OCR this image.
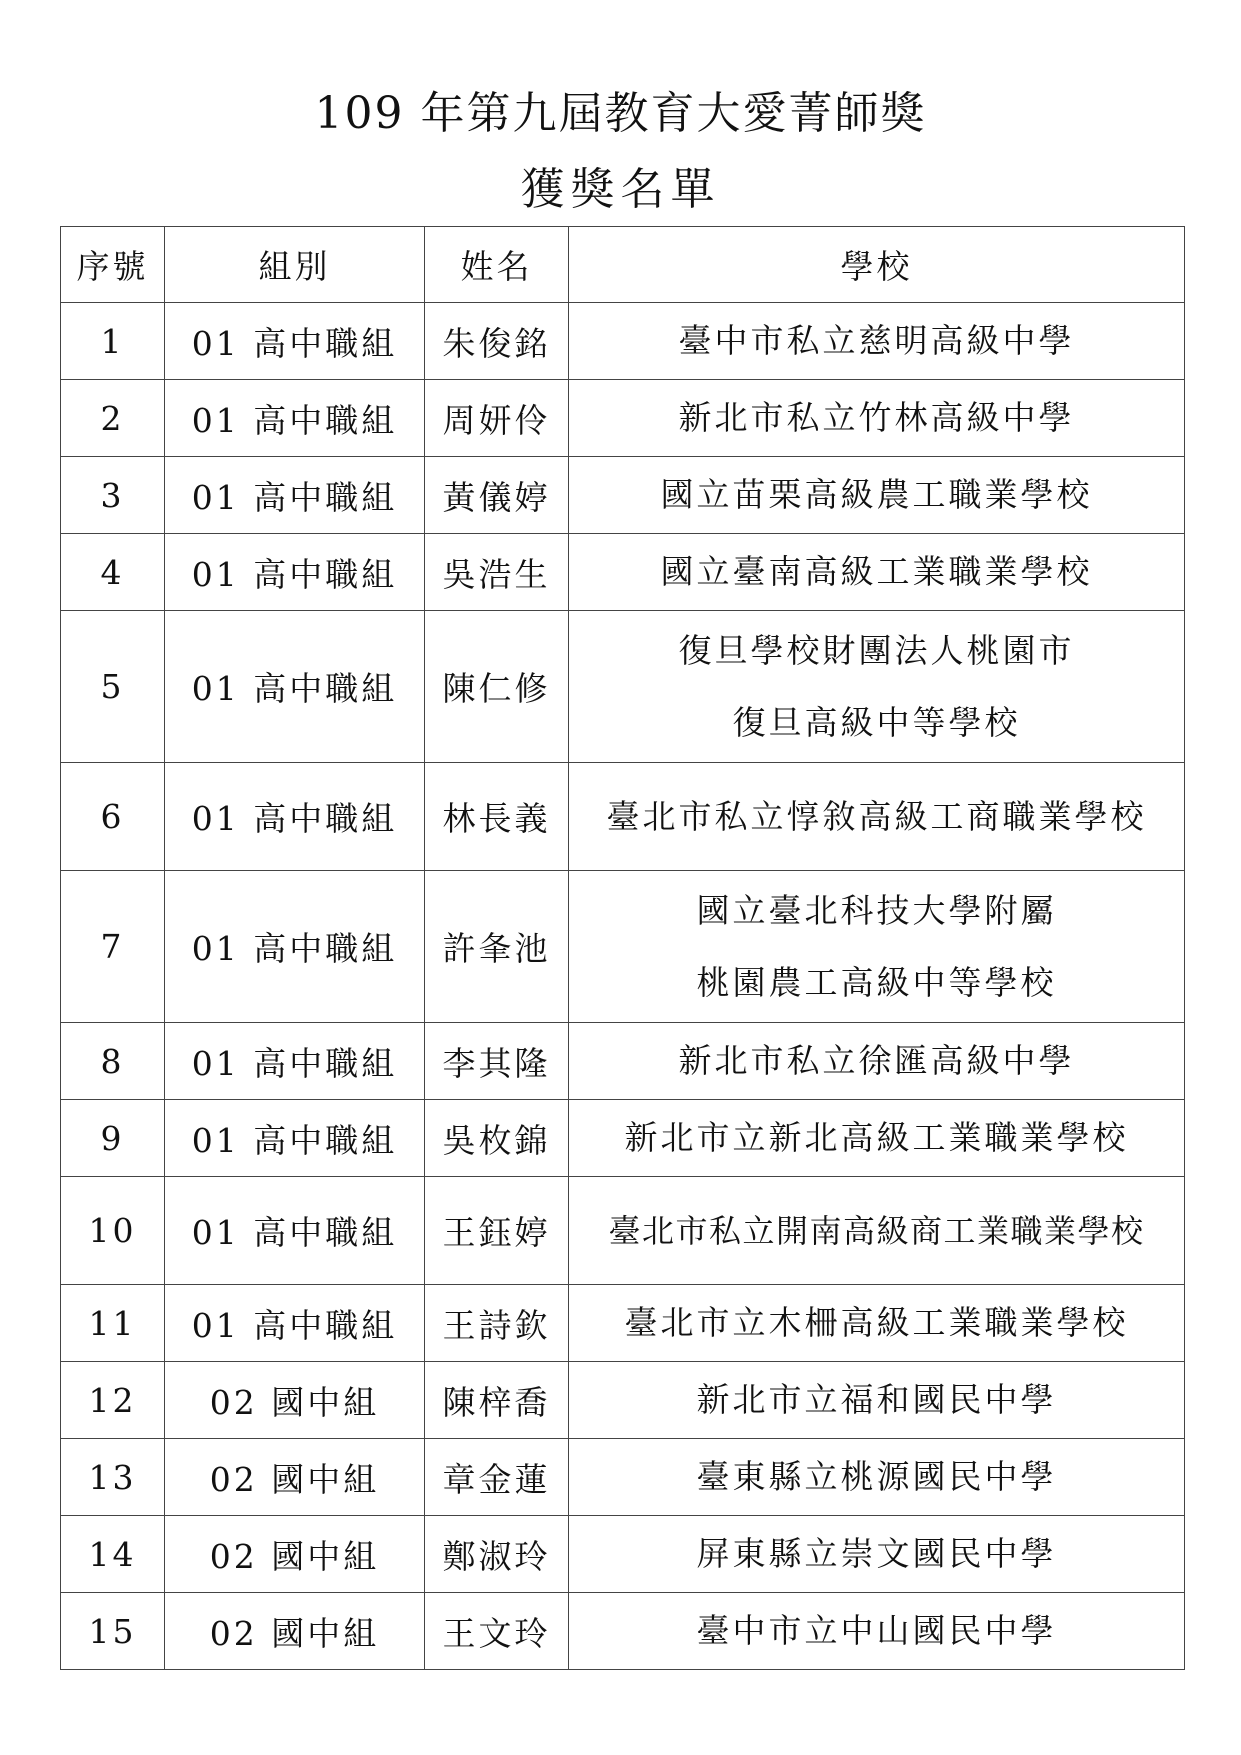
109 年第九屆教育大愛菁師獎
獲獎名單
序號	組別	姓名	學校
1	01 高中職組	朱俊銘	臺中市私立慈明高級中學

2	01 高中職組	周妍伶	新北市私立竹林高級中學

3	01 高中職組	黃儀婷	國立苗栗高級農工職業學校

4	01 高中職組	吳浩生	國立臺南高級工業職業學校

5	01 高中職組	陳仁修	復旦學校財團法人桃園市
復旦高級中等學校

6	01 高中職組	林長義	臺北市私立惇敘高級工商職業學校

7	01 高中職組	許夆池	國立臺北科技大學附屬
桃園農工高級中等學校

8	01 高中職組	李其隆	新北市私立徐匯高級中學

9	01 高中職組	吳枚錦	新北市立新北高級工業職業學校

10	01 高中職組	王鈺婷	臺北市私立開南高級商工業職業學校

11	01 高中職組	王詩欽	臺北市立木柵高級工業職業學校

12	02 國中組	陳梓喬	新北市立福和國民中學

13	02 國中組	章金蓮	臺東縣立桃源國民中學

14	02 國中組	鄭淑玲	屏東縣立崇文國民中學

15	02 國中組	王文玲	臺中市立中山國民中學
